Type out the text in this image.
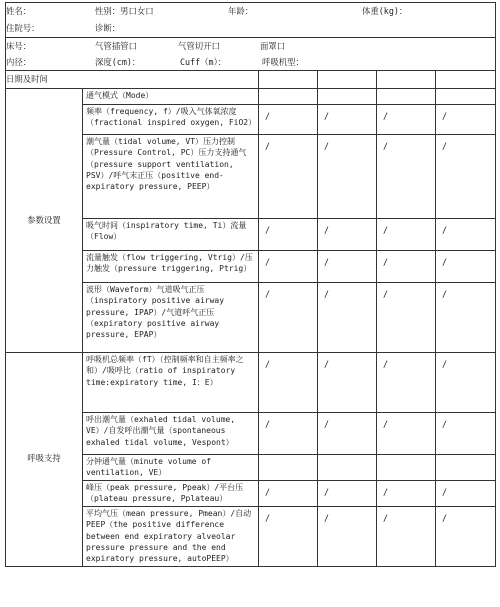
姓名：	性别：男口女口	年龄：	体重(kg)：
住院号：	诊断：
床号：	气管插管口	气管切开口	面罩口
内径：	深度(cm)：	Cuff（m）：	呼吸机型：
日期及时间
参数设置	通气模式（Mode）				
	频率（frequency, f）/吸入气体氧浓度（fractional inspired oxygen, FiO2）	/	/	/	/
	潮气量（tidal volume, VT）压力控制（Pressure Control, PC）压力支持通气（pressure support ventilation, PSV）/呼气末正压（positive end-expiratory pressure, PEEP）	/	/	/	/
	吸气时间（inspiratory time, Ti）流量（Flow）	/	/	/	/
	流量触发（flow triggering, Vtrig）/压力触发（pressure triggering, Ptrig）	/	/	/	/
	波形（Waveform）气道吸气正压（inspiratory positive airway pressure, IPAP）/气道呼气正压（expiratory positive airway pressure, EPAP）	/	/	/	/
呼吸支持	呼吸机总频率（fT）（控制频率和自主频率之和）/吸呼比（ratio of inspiratory time:expiratory time, I：E）	/	/	/	/
	呼出潮气量（exhaled tidal volume, VE）/自发呼出潮气量（spontaneous exhaled tidal volume, Vespont）	/	/	/	/
	分钟通气量（minute volume of ventilation, VE）				
	峰压（peak pressure, Ppeak）/平台压（plateau pressure, Pplateau）	/	/	/	/
	平均气压（mean pressure, Pmean）/自动PEEP（the positive difference between end expiratory alveolar pressure pressure and the end expiratory pressure, autoPEEP）	/	/	/	/
